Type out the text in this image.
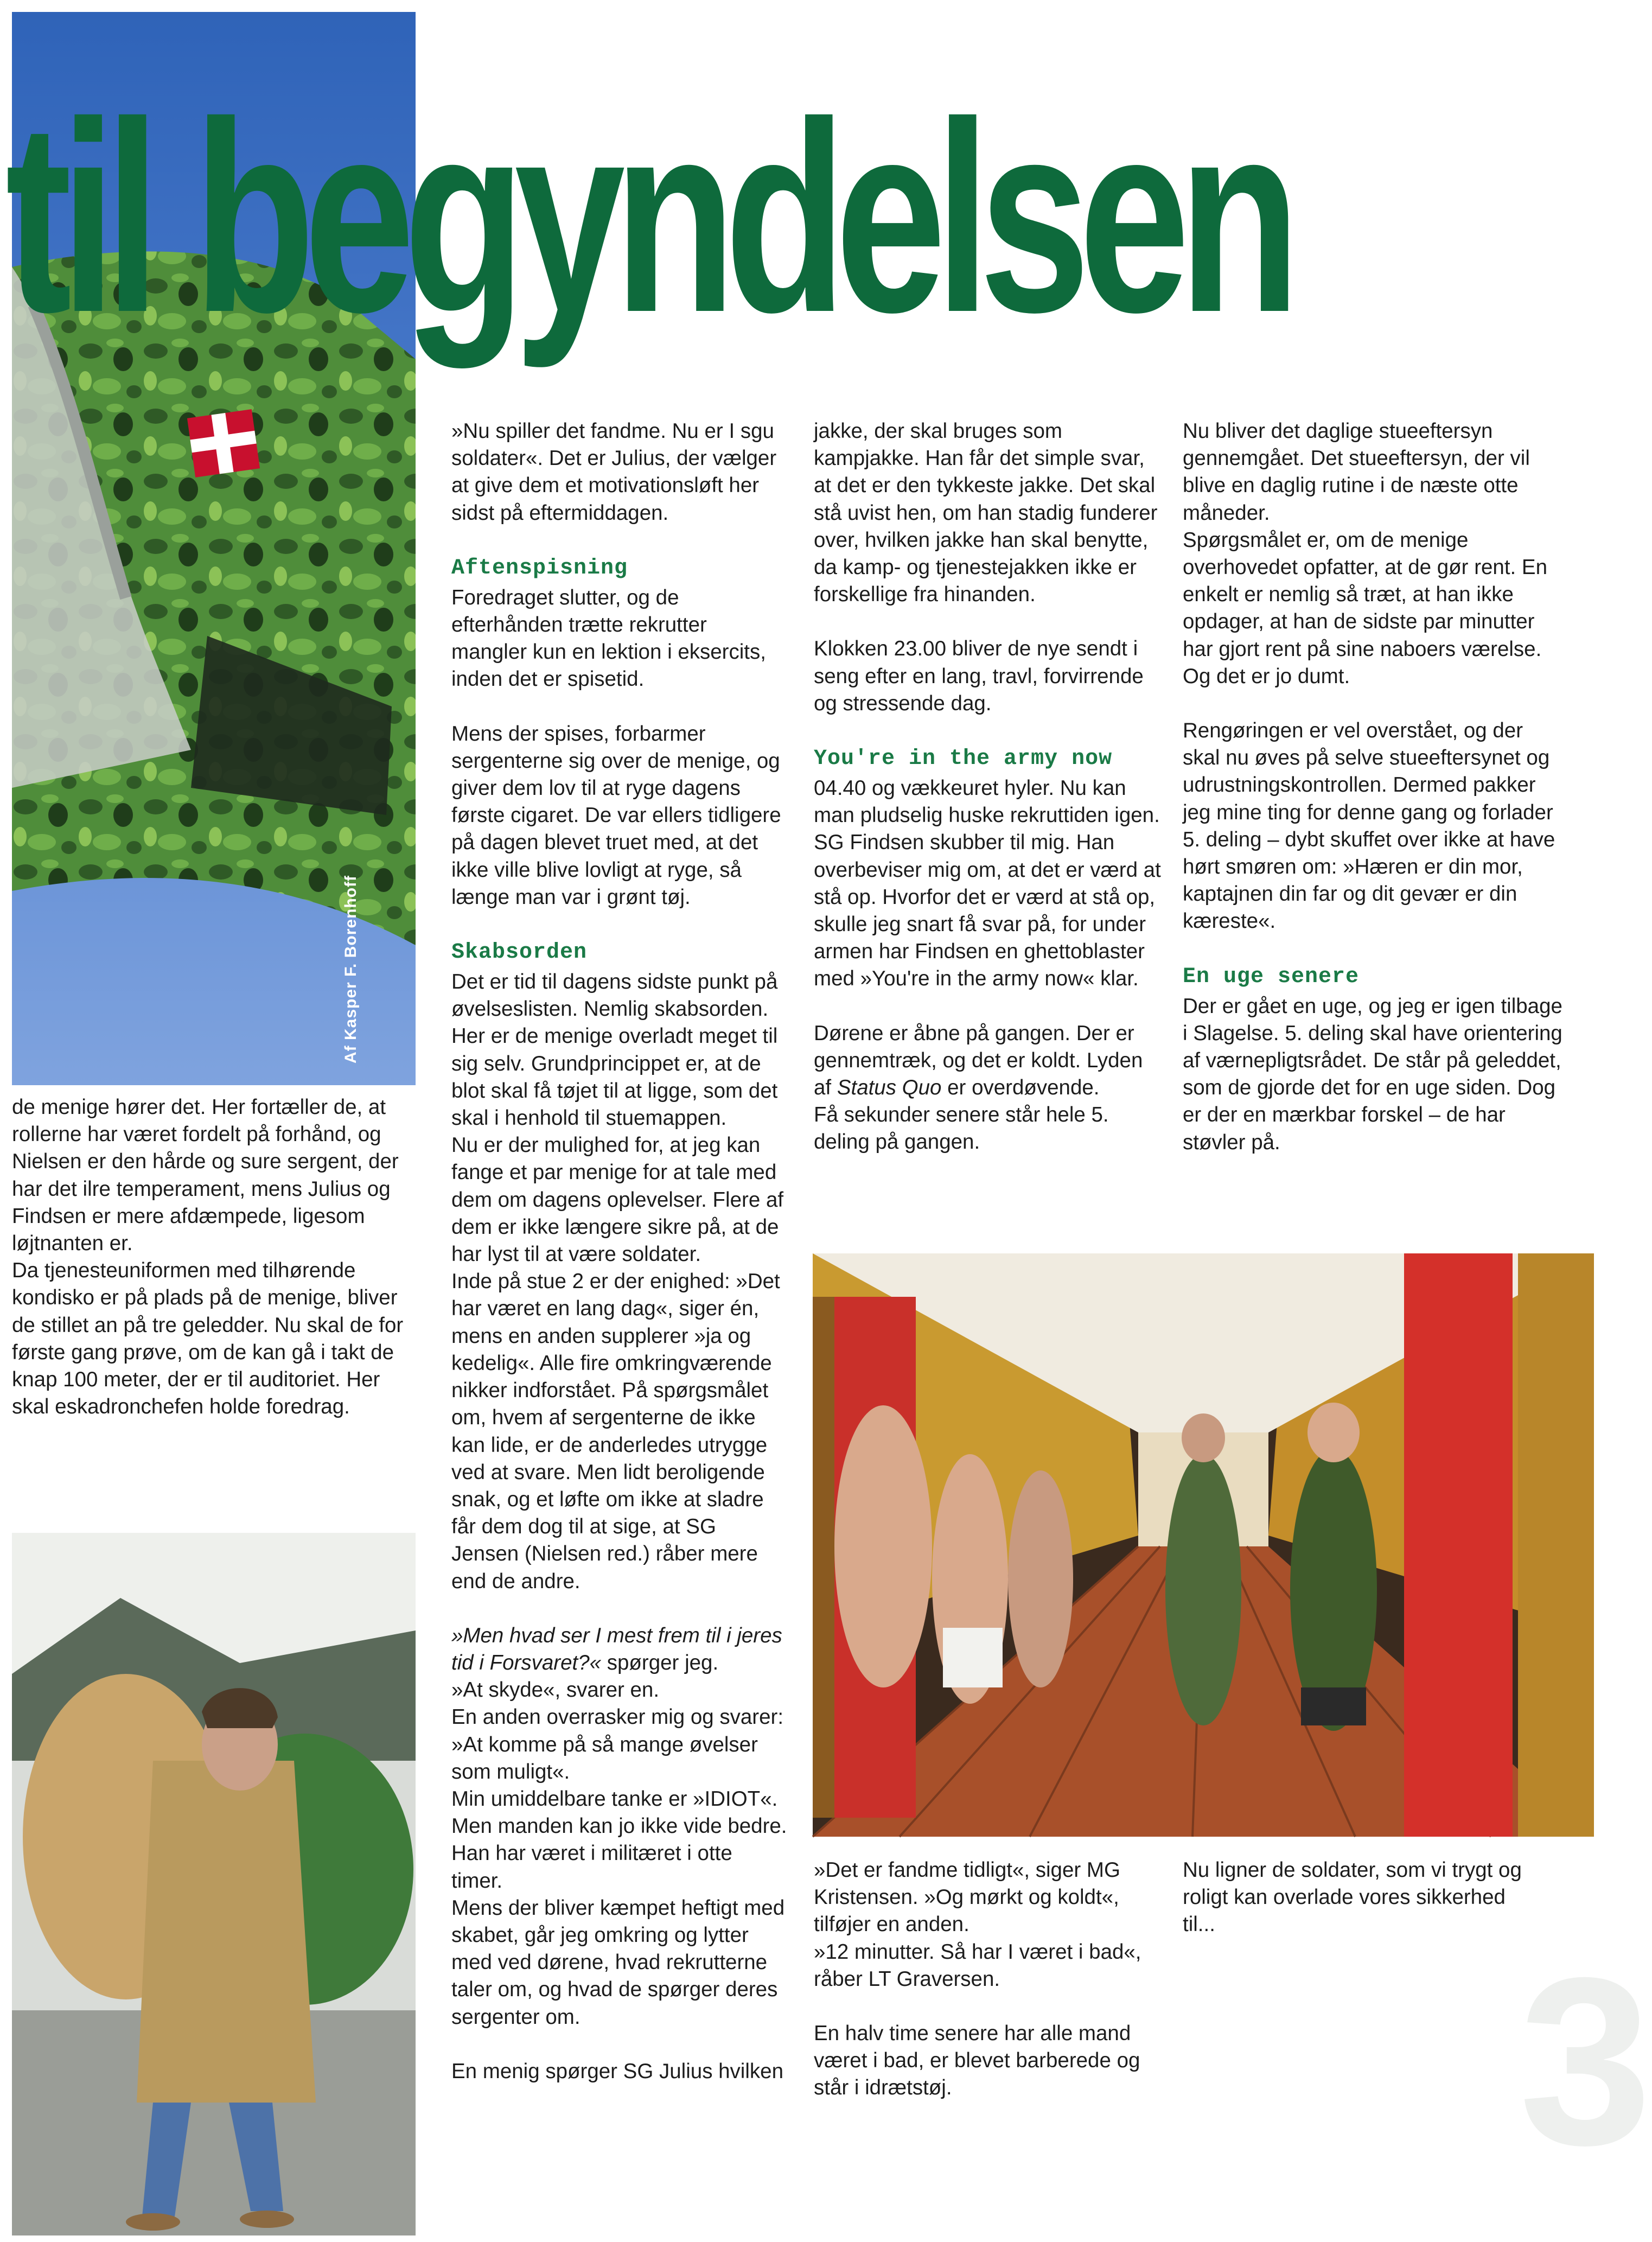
Af Kasper F. Borenhoff
til begyndelsen

de menige hører det. Her fortæller de, at rollerne har været fordelt på forhånd, og Nielsen er den hårde og sure sergent, der har det ilre temperament, mens Julius og Findsen er mere afdæmpede, ligesom løjtnanten er.

Da tjenesteuniformen med tilhørende kondisko er på plads på de menige, bliver de stillet an på tre geledder. Nu skal de for første gang prøve, om de kan gå i takt de knap 100 meter, der er til auditoriet. Her skal eskadronchefen holde foredrag.

»Nu spiller det fandme. Nu er I sgu soldater«. Det er Julius, der vælger at give dem et motivationsløft her sidst på eftermiddagen.

Aftenspisning

Foredraget slutter, og de efterhånden trætte rekrutter mangler kun en lektion i eksercits, inden det er spisetid.

Mens der spises, forbarmer sergenterne sig over de menige, og giver dem lov til at ryge dagens første cigaret. De var ellers tidligere på dagen blevet truet med, at det ikke ville blive lovligt at ryge, så længe man var i grønt tøj.

Skabsorden

Det er tid til dagens sidste punkt på øvelseslisten. Nemlig skabsorden. Her er de menige overladt meget til sig selv. Grundprincippet er, at de blot skal få tøjet til at ligge, som det skal i henhold til stuemappen.

Nu er der mulighed for, at jeg kan fange et par menige for at tale med dem om dagens oplevelser. Flere af dem er ikke længere sikre på, at de har lyst til at være soldater.

Inde på stue 2 er der enighed: »Det har været en lang dag«, siger én, mens en anden supplerer »ja og kedelig«. Alle fire omkringværende nikker indforstået. På spørgsmålet om, hvem af sergenterne de ikke kan lide, er de anderledes utrygge ved at svare. Men lidt beroligende snak, og et løfte om ikke at sladre får dem dog til at sige, at SG Jensen (Nielsen red.) råber mere end de andre.

»Men hvad ser I mest frem til i jeres tid i Forsvaret?« spørger jeg.

»At skyde«, svarer en.

En anden overrasker mig og svarer: »At komme på så mange øvelser som muligt«.

Min umiddelbare tanke er »IDIOT«. Men manden kan jo ikke vide bedre. Han har været i militæret i otte timer.

Mens der bliver kæmpet heftigt med skabet, går jeg omkring og lytter med ved dørene, hvad rekrutterne taler om, og hvad de spørger deres sergenter om.

En menig spørger SG Julius hvilken

jakke, der skal bruges som kampjakke. Han får det simple svar, at det er den tykkeste jakke. Det skal stå uvist hen, om han stadig funderer over, hvilken jakke han skal benytte, da kamp- og tjenestejakken ikke er forskellige fra hinanden.

Klokken 23.00 bliver de nye sendt i seng efter en lang, travl, forvirrende og stressende dag.

You're in the army now

04.40 og vækkeuret hyler. Nu kan man pludselig huske rekruttiden igen. SG Findsen skubber til mig. Han overbeviser mig om, at det er værd at stå op. Hvorfor det er værd at stå op, skulle jeg snart få svar på, for under armen har Findsen en ghettoblaster med »You're in the army now« klar.

Dørene er åbne på gangen. Der er gennemtræk, og det er koldt. Lyden af Status Quo er overdøvende.

Få sekunder senere står hele 5. deling på gangen.

Nu bliver det daglige stueeftersyn gennemgået. Det stueeftersyn, der vil blive en daglig rutine i de næste otte måneder.

Spørgsmålet er, om de menige overhovedet opfatter, at de gør rent. En enkelt er nemlig så træt, at han ikke opdager, at han de sidste par minutter har gjort rent på sine naboers værelse. Og det er jo dumt.

Rengøringen er vel overstået, og der skal nu øves på selve stueeftersynet og udrustningskontrollen. Dermed pakker jeg mine ting for denne gang og forlader 5. deling – dybt skuffet over ikke at have hørt smøren om: »Hæren er din mor, kaptajnen din far og dit gevær er din kæreste«.

En uge senere

Der er gået en uge, og jeg er igen tilbage i Slagelse. 5. deling skal have orientering af værnepligtsrådet. De står på geleddet, som de gjorde det for en uge siden. Dog er der en mærkbar forskel – de har støvler på.

»Det er fandme tidligt«, siger MG Kristensen. »Og mørkt og koldt«, tilføjer en anden.

»12 minutter. Så har I været i bad«, råber LT Graversen.

En halv time senere har alle mand været i bad, er blevet barberede og står i idrætstøj.

Nu ligner de soldater, som vi trygt og roligt kan overlade vores sikkerhed til...

3
